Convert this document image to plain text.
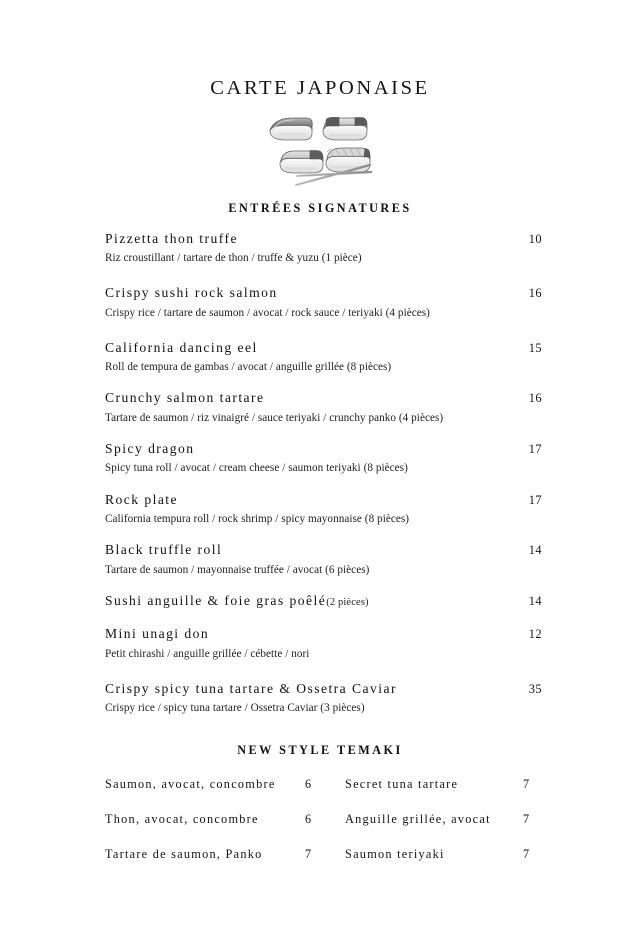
CARTE JAPONAISE
ENTRÉES SIGNATURES
Pizzetta thon truffe	10
Riz croustillant / tartare de thon / truffe & yuzu (1 pièce)
Crispy sushi rock salmon	16
Crispy rice / tartare de saumon / avocat / rock sauce / teriyaki (4 pièces)
California dancing eel	15
Roll de tempura de gambas / avocat / anguille grillée (8 pièces)
Crunchy salmon tartare	16
Tartare de saumon / riz vinaigré / sauce teriyaki / crunchy panko (4 pièces)
Spicy dragon	17
Spicy tuna roll / avocat / cream cheese / saumon teriyaki (8 pièces)
Rock plate	17
California tempura roll / rock shrimp / spicy mayonnaise (8 pièces)
Black truffle roll	14
Tartare de saumon / mayonnaise truffée / avocat (6 pièces)
Sushi anguille & foie gras poêlé(2 pièces)	14
Mini unagi don	12
Petit chirashi / anguille grillée / cébette / nori
Crispy spicy tuna tartare & Ossetra Caviar	35
Crispy rice / spicy tuna tartare / Ossetra Caviar (3 pièces)
NEW STYLE TEMAKI
Saumon, avocat, concombre	6	Secret tuna tartare	7
Thon, avocat, concombre	6	Anguille grillée, avocat	7
Tartare de saumon, Panko	7	Saumon teriyaki	7
